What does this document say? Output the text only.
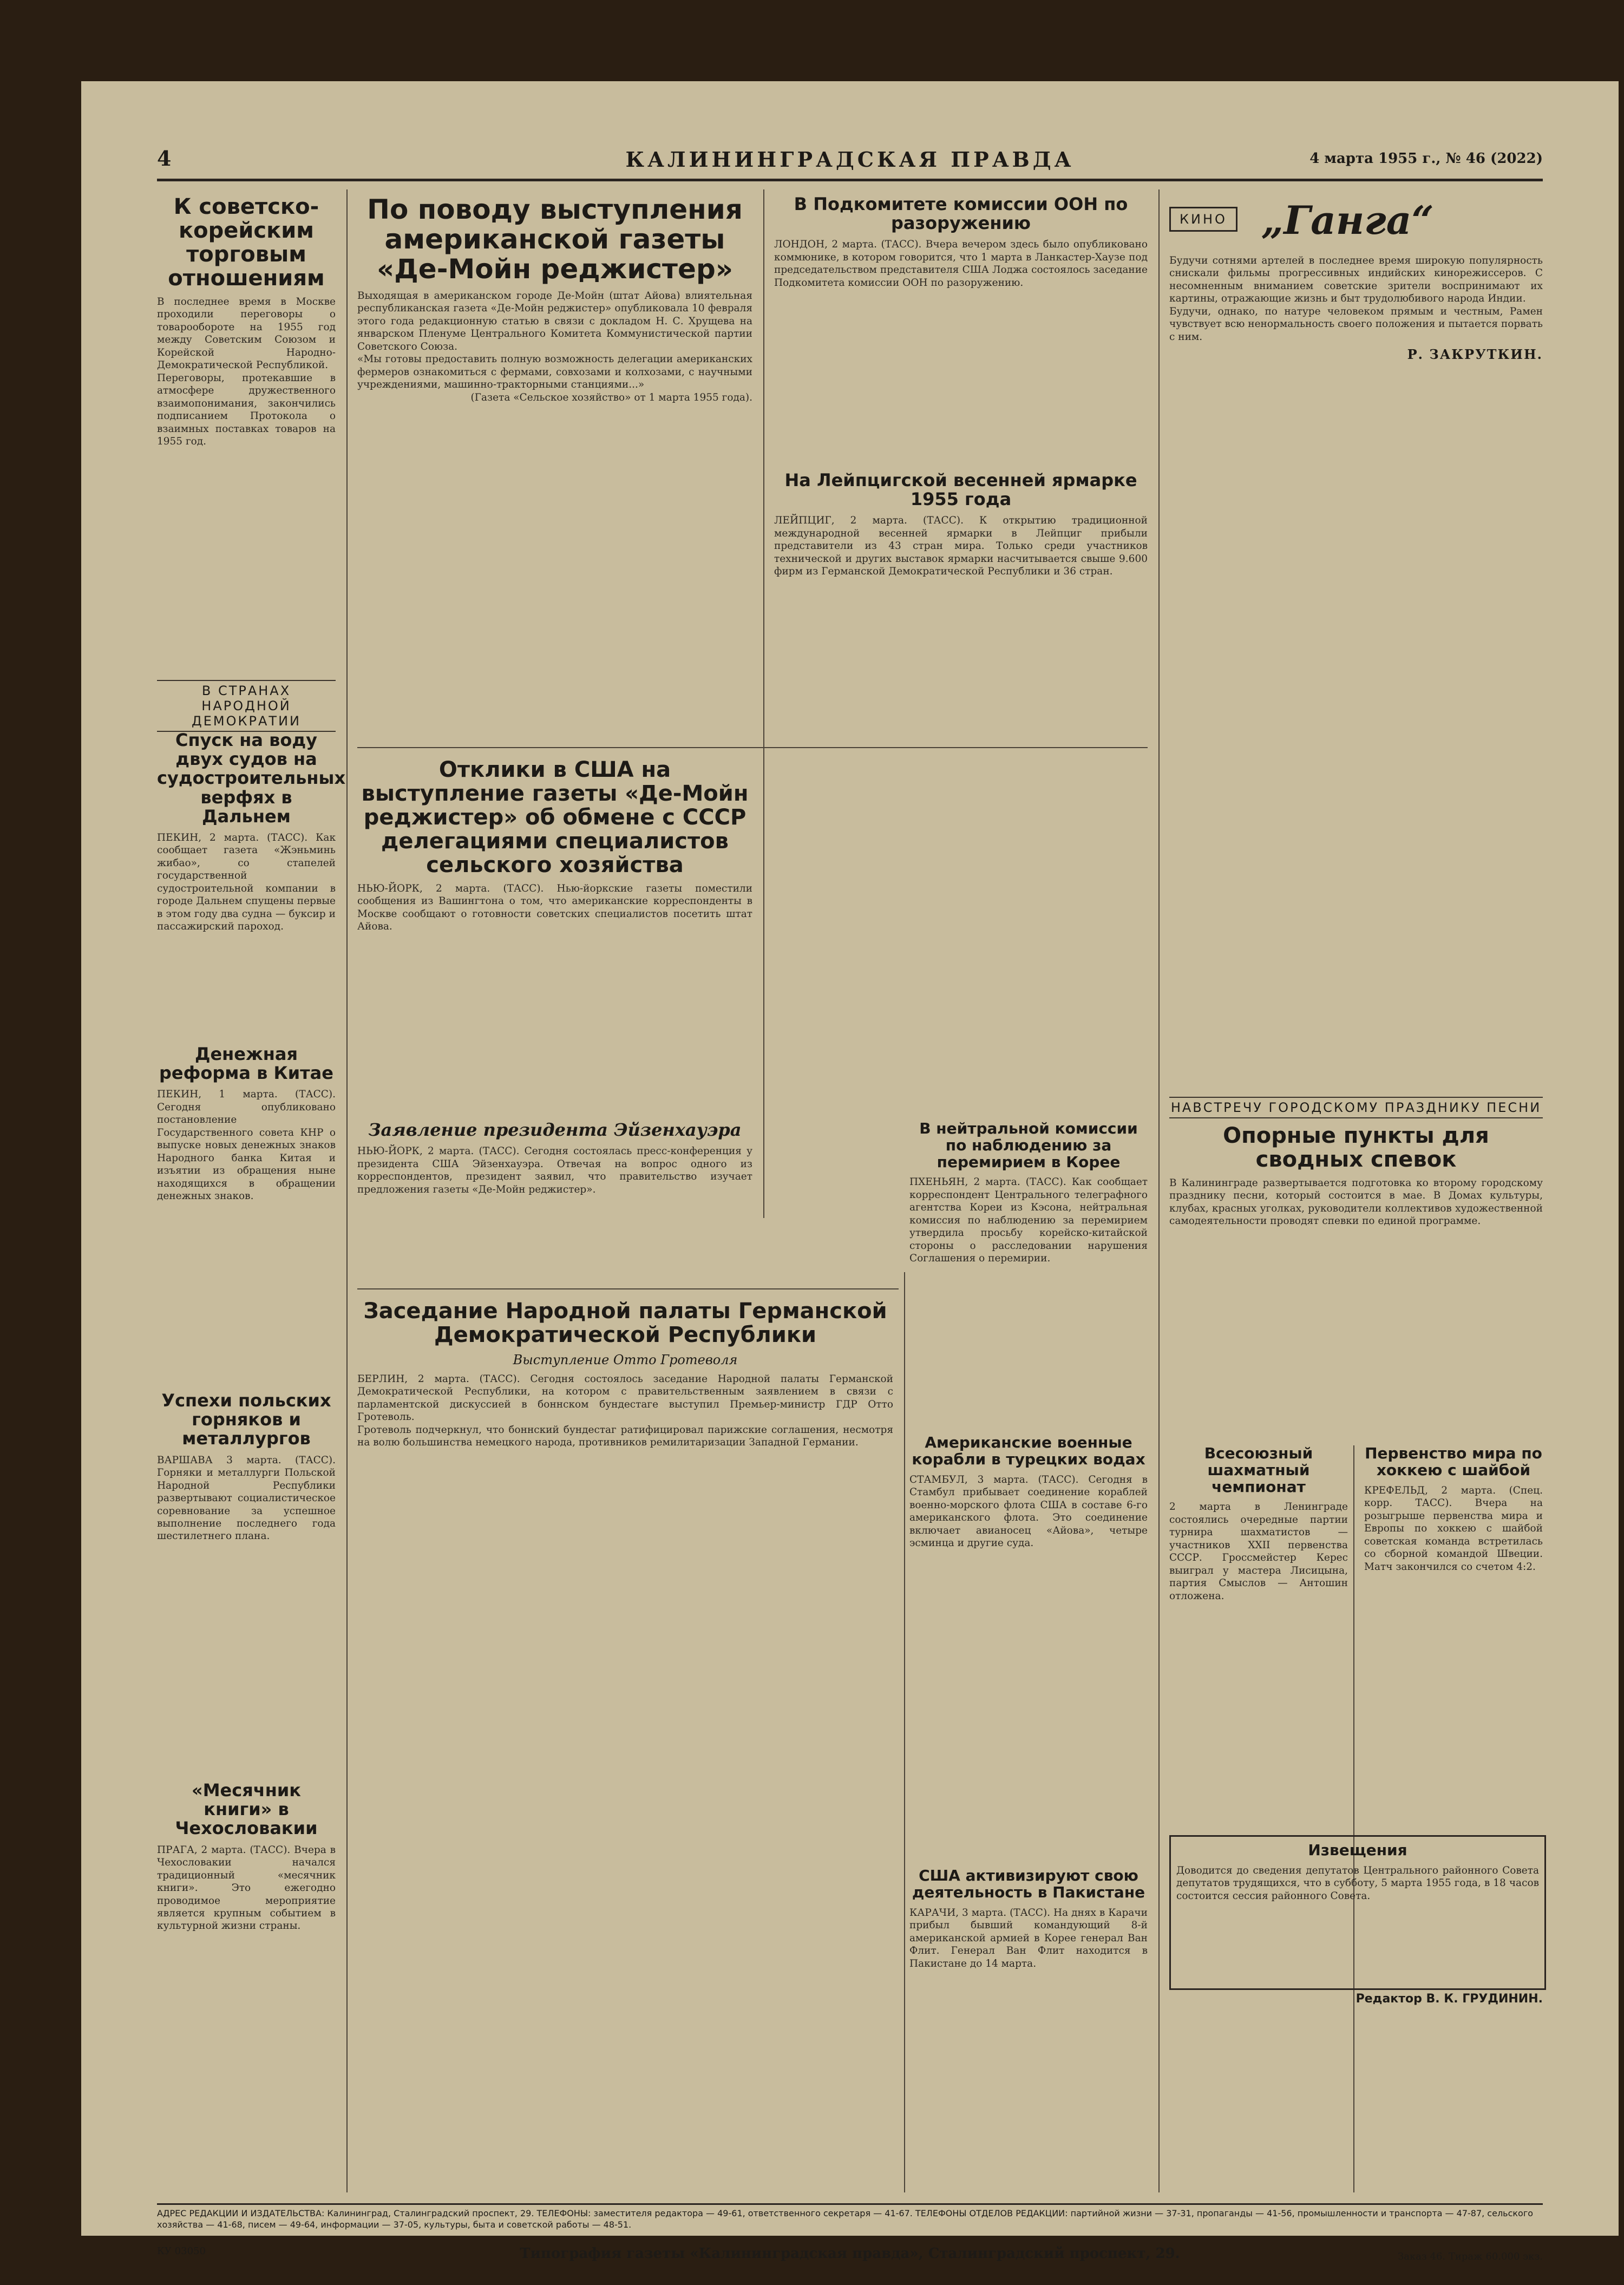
4	КАЛИНИНГРАДСКАЯ ПРАВДА	4 марта 1955 г., № 46 (2022)
К советско-корейским торговым отношениям

В последнее время в Москве проходили переговоры о товарообороте на 1955 год между Советским Союзом и Корейской Народно-Демократической Республикой.

Переговоры, протекавшие в атмосфере дружественного взаимопонимания, закончились подписанием Протокола о взаимных поставках товаров на 1955 год.

В СТРАНАХ НАРОДНОЙ ДЕМОКРАТИИ
Спуск на воду двух судов на судостроительных верфях в Дальнем

ПЕКИН, 2 марта. (ТАСС). Как сообщает газета «Жэньминь жибао», со стапелей государственной судостроительной компании в городе Дальнем спущены первые в этом году два судна — буксир и пассажирский пароход.

Денежная реформа в Китае

ПЕКИН, 1 марта. (ТАСС). Сегодня опубликовано постановление Государственного совета КНР о выпуске новых денежных знаков Народного банка Китая и изъятии из обращения ныне находящихся в обращении денежных знаков.

Успехи польских горняков и металлургов

ВАРШАВА 3 марта. (ТАСС). Горняки и металлурги Польской Народной Республики развертывают социалистическое соревнование за успешное выполнение последнего года шестилетнего плана.

«Месячник книги» в Чехословакии

ПРАГА, 2 марта. (ТАСС). Вчера в Чехословакии начался традиционный «месячник книги». Это ежегодно проводимое мероприятие является крупным событием в культурной жизни страны.

По поводу выступления американской газеты «Де-Мойн реджистер»

Выходящая в американском городе Де-Мойн (штат Айова) влиятельная республиканская газета «Де-Мойн реджистер» опубликовала 10 февраля этого года редакционную статью в связи с докладом Н. С. Хрущева на январском Пленуме Центрального Комитета Коммунистической партии Советского Союза.

«Мы готовы предоставить полную возможность делегации американских фермеров ознакомиться с фермами, совхозами и колхозами, с научными учреждениями, машинно-тракторными станциями...»

(Газета «Сельское хозяйство» от 1 марта 1955 года).

Отклики в США на выступление газеты «Де-Мойн реджистер» об обмене с СССР делегациями специалистов сельского хозяйства

НЬЮ-ЙОРК, 2 марта. (ТАСС). Нью-йоркские газеты поместили сообщения из Вашингтона о том, что американские корреспонденты в Москве сообщают о готовности советских специалистов посетить штат Айова.

Заявление президента Эйзенхауэра

НЬЮ-ЙОРК, 2 марта. (ТАСС). Сегодня состоялась пресс-конференция у президента США Эйзенхауэра. Отвечая на вопрос одного из корреспондентов, президент заявил, что правительство изучает предложения газеты «Де-Мойн реджистер».

Заседание Народной палаты Германской Демократической Республики
Выступление Отто Гротеволя

БЕРЛИН, 2 марта. (ТАСС). Сегодня состоялось заседание Народной палаты Германской Демократической Республики, на котором с правительственным заявлением в связи с парламентской дискуссией в боннском бундестаге выступил Премьер-министр ГДР Отто Гротеволь.

Гротеволь подчеркнул, что боннский бундестаг ратифицировал парижские соглашения, несмотря на волю большинства немецкого народа, противников ремилитаризации Западной Германии.

В Подкомитете комиссии ООН по разоружению

ЛОНДОН, 2 марта. (ТАСС). Вчера вечером здесь было опубликовано коммюнике, в котором говорится, что 1 марта в Ланкастер-Хаузе под председательством представителя США Лоджа состоялось заседание Подкомитета комиссии ООН по разоружению.

На Лейпцигской весенней ярмарке 1955 года

ЛЕЙПЦИГ, 2 марта. (ТАСС). К открытию традиционной международной весенней ярмарки в Лейпциг прибыли представители из 43 стран мира. Только среди участников технической и других выставок ярмарки насчитывается свыше 9.600 фирм из Германской Демократической Республики и 36 стран.

В нейтральной комиссии по наблюдению за перемирием в Корее

ПХЕНЬЯН, 2 марта. (ТАСС). Как сообщает корреспондент Центрального телеграфного агентства Кореи из Кэсона, нейтральная комиссия по наблюдению за перемирием утвердила просьбу корейско-китайской стороны о расследовании нарушения Соглашения о перемирии.

Американские военные корабли в турецких водах

СТАМБУЛ, 3 марта. (ТАСС). Сегодня в Стамбул прибывает соединение кораблей военно-морского флота США в составе 6-го американского флота. Это соединение включает авианосец «Айова», четыре эсминца и другие суда.

США активизируют свою деятельность в Пакистане

КАРАЧИ, 3 марта. (ТАСС). На днях в Карачи прибыл бывший командующий 8-й американской армией в Корее генерал Ван Флит. Генерал Ван Флит находится в Пакистане до 14 марта.

КИНО „Ганга“

Будучи сотнями артелей в последнее время широкую популярность снискали фильмы прогрессивных индийских кинорежиссеров. С несомненным вниманием советские зрители воспринимают их картины, отражающие жизнь и быт трудолюбивого народа Индии.

Будучи, однако, по натуре человеком прямым и честным, Рамен чувствует всю ненормальность своего положения и пытается порвать с ним.

Р. ЗАКРУТКИН.
НАВСТРЕЧУ ГОРОДСКОМУ ПРАЗДНИКУ ПЕСНИ
Опорные пункты для сводных спевок

В Калининграде развертывается подготовка ко второму городскому празднику песни, который состоится в мае. В Домах культуры, клубах, красных уголках, руководители коллективов художественной самодеятельности проводят спевки по единой программе.

Всесоюзный шахматный чемпионат

2 марта в Ленинграде состоялись очередные партии турнира шахматистов — участников XXII первенства СССР. Гроссмейстер Керес выиграл у мастера Лисицына, партия Смыслов — Антошин отложена.

Первенство мира по хоккею с шайбой

КРЕФЕЛЬД, 2 марта. (Спец. корр. ТАСС). Вчера на розыгрыше первенства мира и Европы по хоккею с шайбой советская команда встретилась со сборной командой Швеции. Матч закончился со счетом 4:2.

Извещения

Доводится до сведения депутатов Центрального районного Совета депутатов трудящихся, что в субботу, 5 марта 1955 года, в 18 часов состоится сессия районного Совета.

Редактор В. К. ГРУДИНИН.
АДРЕС РЕДАКЦИИ И ИЗДАТЕЛЬСТВА: Калининград, Сталинградский проспект, 29. ТЕЛЕФОНЫ: заместителя редактора — 49-61, ответственного секретаря — 41-67. ТЕЛЕФОНЫ ОТДЕЛОВ РЕДАКЦИИ: партийной жизни — 37-31, пропаганды — 41-56, промышленности и транспорта — 47-87, сельского хозяйства — 41-68, писем — 49-64, информации — 37-05, культуры, быта и советской работы — 48-51.
КУ 03050	Типография газеты «Калининградская правда», Сталинградский проспект, 29.	Заказ 46. Тираж 60.000 экз.
